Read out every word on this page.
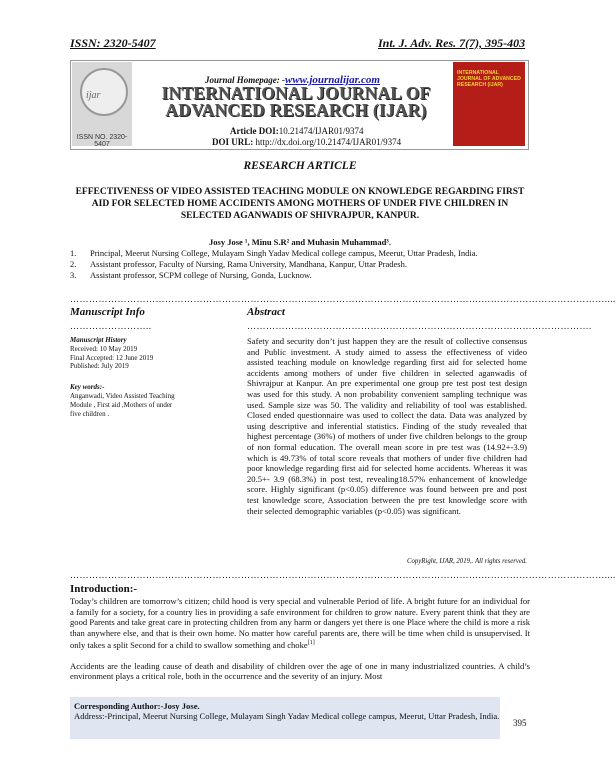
ISSN: 2320-5407	Int. J. Adv. Res. 7(7), 395-403
ijar
ISSN NO. 2320-5407
INTERNATIONAL JOURNAL OF ADVANCED RESEARCH (IJAR)
Journal Homepage: -www.journalijar.com
INTERNATIONAL JOURNAL OF
ADVANCED RESEARCH (IJAR)
Article DOI:10.21474/IJAR01/9374
DOI URL: http://dx.doi.org/10.21474/IJAR01/9374
RESEARCH ARTICLE
EFFECTIVENESS OF VIDEO ASSISTED TEACHING MODULE ON KNOWLEDGE REGARDING FIRST AID FOR SELECTED HOME ACCIDENTS AMONG MOTHERS OF UNDER FIVE CHILDREN IN SELECTED AGANWADIS OF SHIVRAJPUR, KANPUR.
Josy Jose ¹, Minu S.R² and Muhasin Muhammad³.
1. Principal, Meerut Nursing College, Mulayam Singh Yadav Medical college campus, Meerut, Uttar Pradesh, India.
2. Assistant professor, Faculty of Nursing, Rama University, Mandhana, Kanpur, Uttar Pradesh.
3. Assistant professor, SCPM college of Nursing, Gonda, Lucknow.
………………………………………………………………………………………………………………….…………………………………....
Manuscript Info	Abstract
……………………..	……………………………………………………………………………………………….
Manuscript History
Received: 10 May 2019
Final Accepted: 12 June 2019
Published: July 2019
Key words:-
Anganwadi, Video Assisted Teaching Module , First aid ,Mothers of under five children .
Safety and security don’t just happen they are the result of collective consensus and Public investment. A study aimed to assess the effectiveness of video assisted teaching module on knowledge regarding first aid for selected home accidents among mothers of under five children in selected aganwadis of Shivrajpur at Kanpur. An pre experimental one group pre test post test design was used for this study. A non probability convenient sampling technique was used. Sample size was 50. The validity and reliability of tool was established. Closed ended questionnaire was used to collect the data. Data was analyzed by using descriptive and inferential statistics. Finding of the study revealed that highest percentage (36%) of mothers of under five children belongs to the group of non formal education. The overall mean score in pre test was (14.92+-3.9) which is 49.73% of total score reveals that mothers of under five children had poor knowledge regarding first aid for selected home accidents. Whereas it was 20.5+- 3.9 (68.3%) in post test, revealing18.57% enhancement of knowledge score. Highly significant (p<0.05) difference was found between pre and post test knowledge score, Association between the pre test knowledge score with their selected demographic variables (p<0.05) was significant.
CopyRight, IJAR, 2019,. All rights reserved.
………………………………………………………………………………………………………………….…………………………………....
Introduction:-
Today’s children are tomorrow’s citizen; child hood is very special and vulnerable Period of life. A bright future for an individual for a family for a society, for a country lies in providing a safe environment for children to grow nature. Every parent think that they are good Parents and take great care in protecting children from any harm or dangers yet there is one Place where the child is more a risk than anywhere else, and that is their own home. No matter how careful parents are, there will be time when child is unsupervised. It only takes a split Second for a child to swallow something and choke[1]
Accidents are the leading cause of death and disability of children over the age of one in many industrialized countries. A child’s environment plays a critical role, both in the occurrence and the severity of an injury. Most
Corresponding Author:-Josy Jose.
Address:-Principal, Meerut Nursing College, Mulayam Singh Yadav Medical college campus, Meerut, Uttar Pradesh, India.
395
